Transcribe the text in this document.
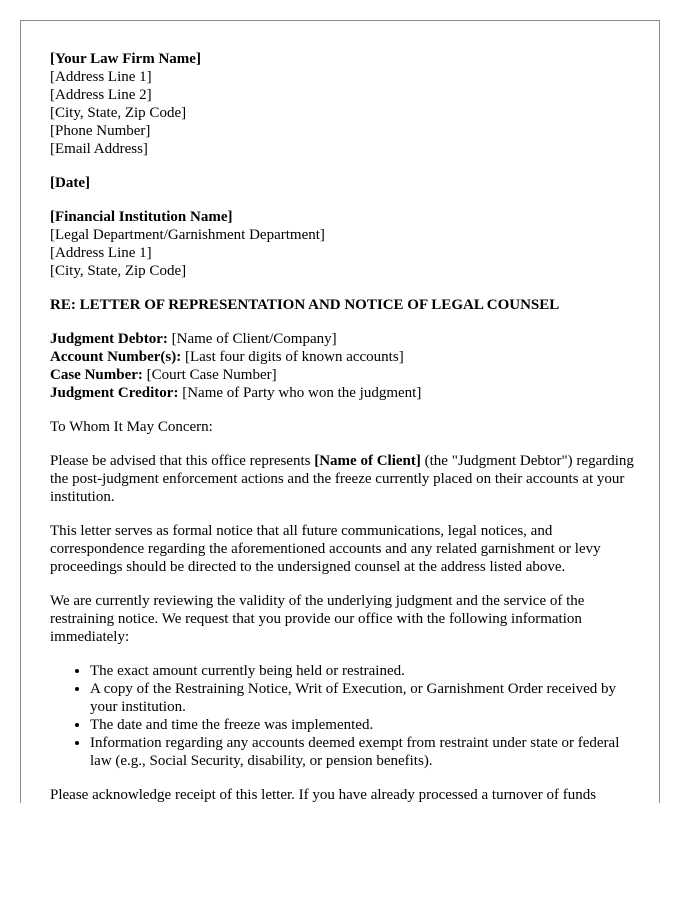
[Your Law Firm Name]
[Address Line 1]
[Address Line 2]
[City, State, Zip Code]
[Phone Number]
[Email Address]
[Date]
[Financial Institution Name]
[Legal Department/Garnishment Department]
[Address Line 1]
[City, State, Zip Code]
RE: LETTER OF REPRESENTATION AND NOTICE OF LEGAL COUNSEL
Judgment Debtor: [Name of Client/Company]
Account Number(s): [Last four digits of known accounts]
Case Number: [Court Case Number]
Judgment Creditor: [Name of Party who won the judgment]

To Whom It May Concern:

Please be advised that this office represents [Name of Client] (the "Judgment Debtor") regarding the post-judgment enforcement actions and the freeze currently placed on their accounts at your institution.

This letter serves as formal notice that all future communications, legal notices, and correspondence regarding the aforementioned accounts and any related garnishment or levy proceedings should be directed to the undersigned counsel at the address listed above.

We are currently reviewing the validity of the underlying judgment and the service of the restraining notice. We request that you provide our office with the following information immediately:

• The exact amount currently being held or restrained.
• A copy of the Restraining Notice, Writ of Execution, or Garnishment Order received by your institution.
• The date and time the freeze was implemented.
• Information regarding any accounts deemed exempt from restraint under state or federal law (e.g., Social Security, disability, or pension benefits).

Please acknowledge receipt of this letter. If you have already processed a turnover of funds
